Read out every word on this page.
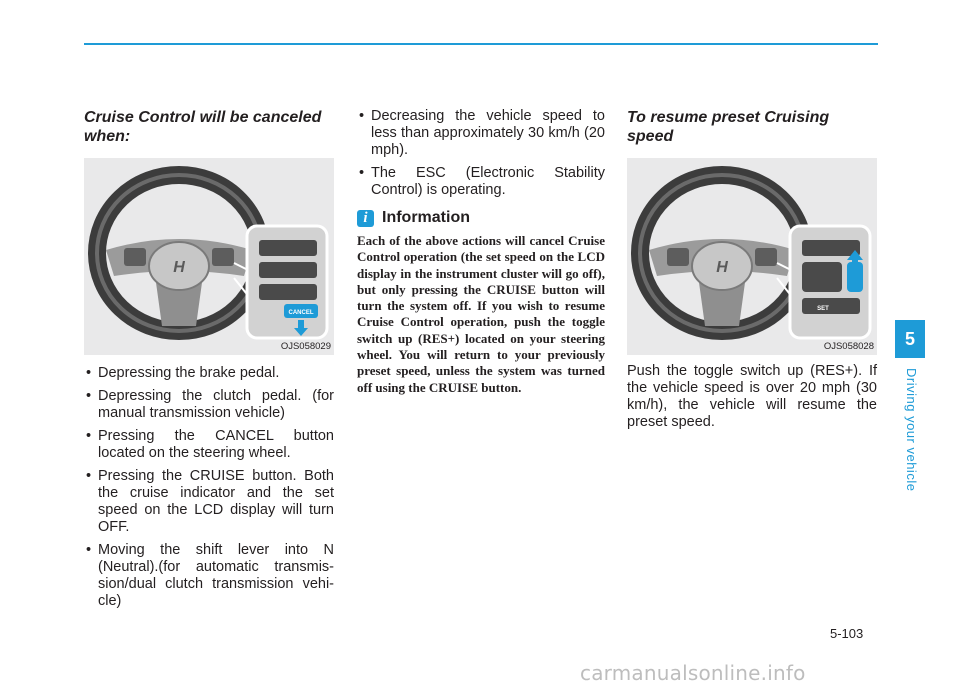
Cruise Control will be canceled when:
H
CANCEL
OJS058029
• Depressing the brake pedal.
• Depressing the clutch pedal. (for manual transmission vehicle)
• Pressing the CANCEL button located on the steering wheel.
• Pressing the CRUISE button. Both the cruise indicator and the set speed on the LCD display will turn OFF.
• Moving the shift lever into N (Neutral).(for automatic transmis-sion/dual clutch transmission vehi-cle)
• Decreasing the vehicle speed to less than approximately 30 km/h (20 mph).
• The ESC (Electronic Stability Control) is operating.
i Information

Each of the above actions will cancel Cruise Control operation (the set speed on the LCD display in the instrument cluster will go off), but only pressing the CRUISE button will turn the system off. If you wish to resume Cruise Control operation, push the toggle switch up (RES+) located on your steering wheel. You will return to your previously preset speed, unless the system was turned off using the CRUISE button.

To resume preset Cruising speed
H
SET
OJS058028

Push the toggle switch up (RES+). If the vehicle speed is over 20 mph (30 km/h), the vehicle will resume the preset speed.

5
Driving your vehicle
5-103
carmanualsonline.info
